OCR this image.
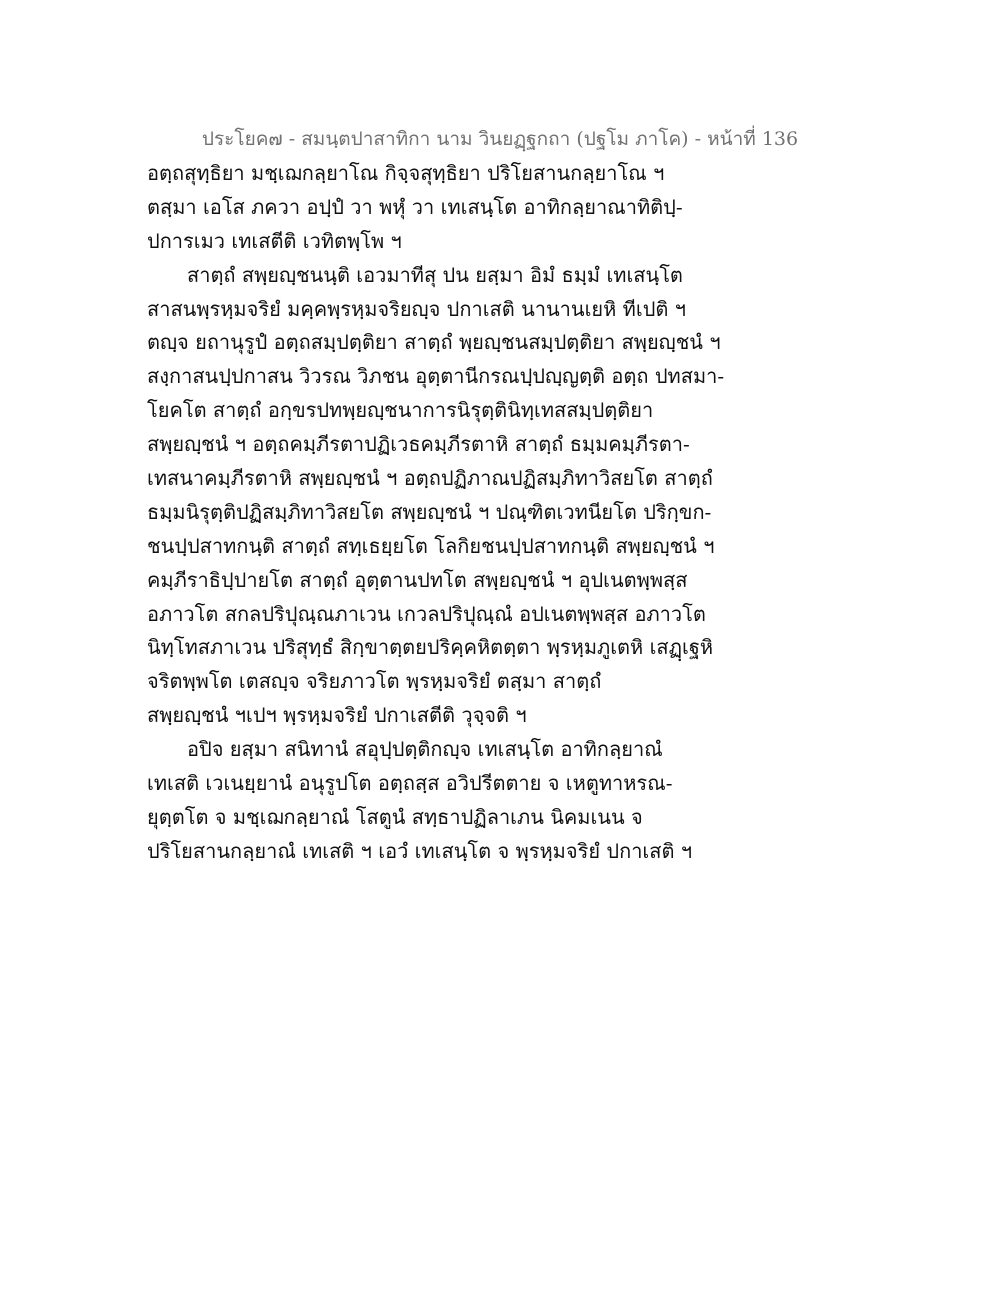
ประโยค๗ - สมนฺตปาสาทิกา นาม วินยฏฺฐกถา (ปฐโม ภาโค) - หน้าที่ 136
อตฺถสุทฺธิยา มชฺเฌกลฺยาโณ กิจฺจสุทฺธิยา ปริโยสานกลฺยาโณ ฯ
ตสฺมา เอโส ภควา อปฺปํ วา พหุํ วา เทเสนฺโต อาทิกลฺยาณาทิติปฺ-
ปการเมว เทเสตีติ เวทิตพฺโพ ฯ
สาตฺถํ สพฺยญฺชนนฺติ เอวมาทีสุ ปน ยสฺมา อิมํ ธมฺมํ เทเสนฺโต
สาสนพฺรหฺมจริยํ มคฺคพฺรหฺมจริยญฺจ ปกาเสติ นานานเยหิ ทีเปติ ฯ
ตญฺจ ยถานุรูปํ อตฺถสมฺปตฺติยา สาตฺถํ พฺยญฺชนสมฺปตฺติยา สพฺยญฺชนํ ฯ
สงฺกาสนปฺปกาสน วิวรณ วิภชน อุตฺตานีกรณปฺปญฺญตฺติ อตฺถ ปทสมา-
โยคโต สาตฺถํ อกฺขรปทพฺยญฺชนาการนิรุตฺตินิทฺเทสสมฺปตฺติยา
สพฺยญฺชนํ ฯ อตฺถคมฺภีรตาปฏิเวธคมฺภีรตาหิ สาตฺถํ ธมฺมคมฺภีรตา-
เทสนาคมฺภีรตาหิ สพฺยญฺชนํ ฯ อตฺถปฏิภาณปฏิสมฺภิทาวิสยโต สาตฺถํ
ธมฺมนิรุตฺติปฏิสมฺภิทาวิสยโต สพฺยญฺชนํ ฯ ปณฺฑิตเวทนียโต ปริกฺขก-
ชนปฺปสาทกนฺติ สาตฺถํ สทฺเธยฺยโต โลกิยชนปฺปสาทกนฺติ สพฺยญฺชนํ ฯ
คมฺภีราธิปฺปายโต สาตฺถํ อุตฺตานปทโต สพฺยญฺชนํ ฯ อุปเนตพฺพสฺส
อภาวโต สกลปริปุณฺณภาเวน เกวลปริปุณฺณํ อปเนตพฺพสฺส อภาวโต
นิทฺโทสภาเวน ปริสุทฺธํ สิกฺขาตฺตยปริคฺคหิตตฺตา พฺรหฺมภูเตหิ เสฏฺเฐหิ
จริตพฺพโต เตสญฺจ จริยภาวโต พฺรหฺมจริยํ ตสฺมา สาตฺถํ
สพฺยญฺชนํ ฯเปฯ พฺรหฺมจริยํ ปกาเสตีติ วุจฺจติ ฯ
อปิจ ยสฺมา สนิทานํ สอุปฺปตฺติกญฺจ เทเสนฺโต อาทิกลฺยาณํ
เทเสติ เวเนยฺยานํ อนุรูปโต อตฺถสฺส อวิปรีตตาย จ เหตูทาหรณ-
ยุตฺตโต จ มชฺเฌกลฺยาณํ โสตูนํ สทฺธาปฏิลาเภน นิคมเนน จ
ปริโยสานกลฺยาณํ เทเสติ ฯ เอวํ เทเสนฺโต จ พฺรหฺมจริยํ ปกาเสติ ฯ
